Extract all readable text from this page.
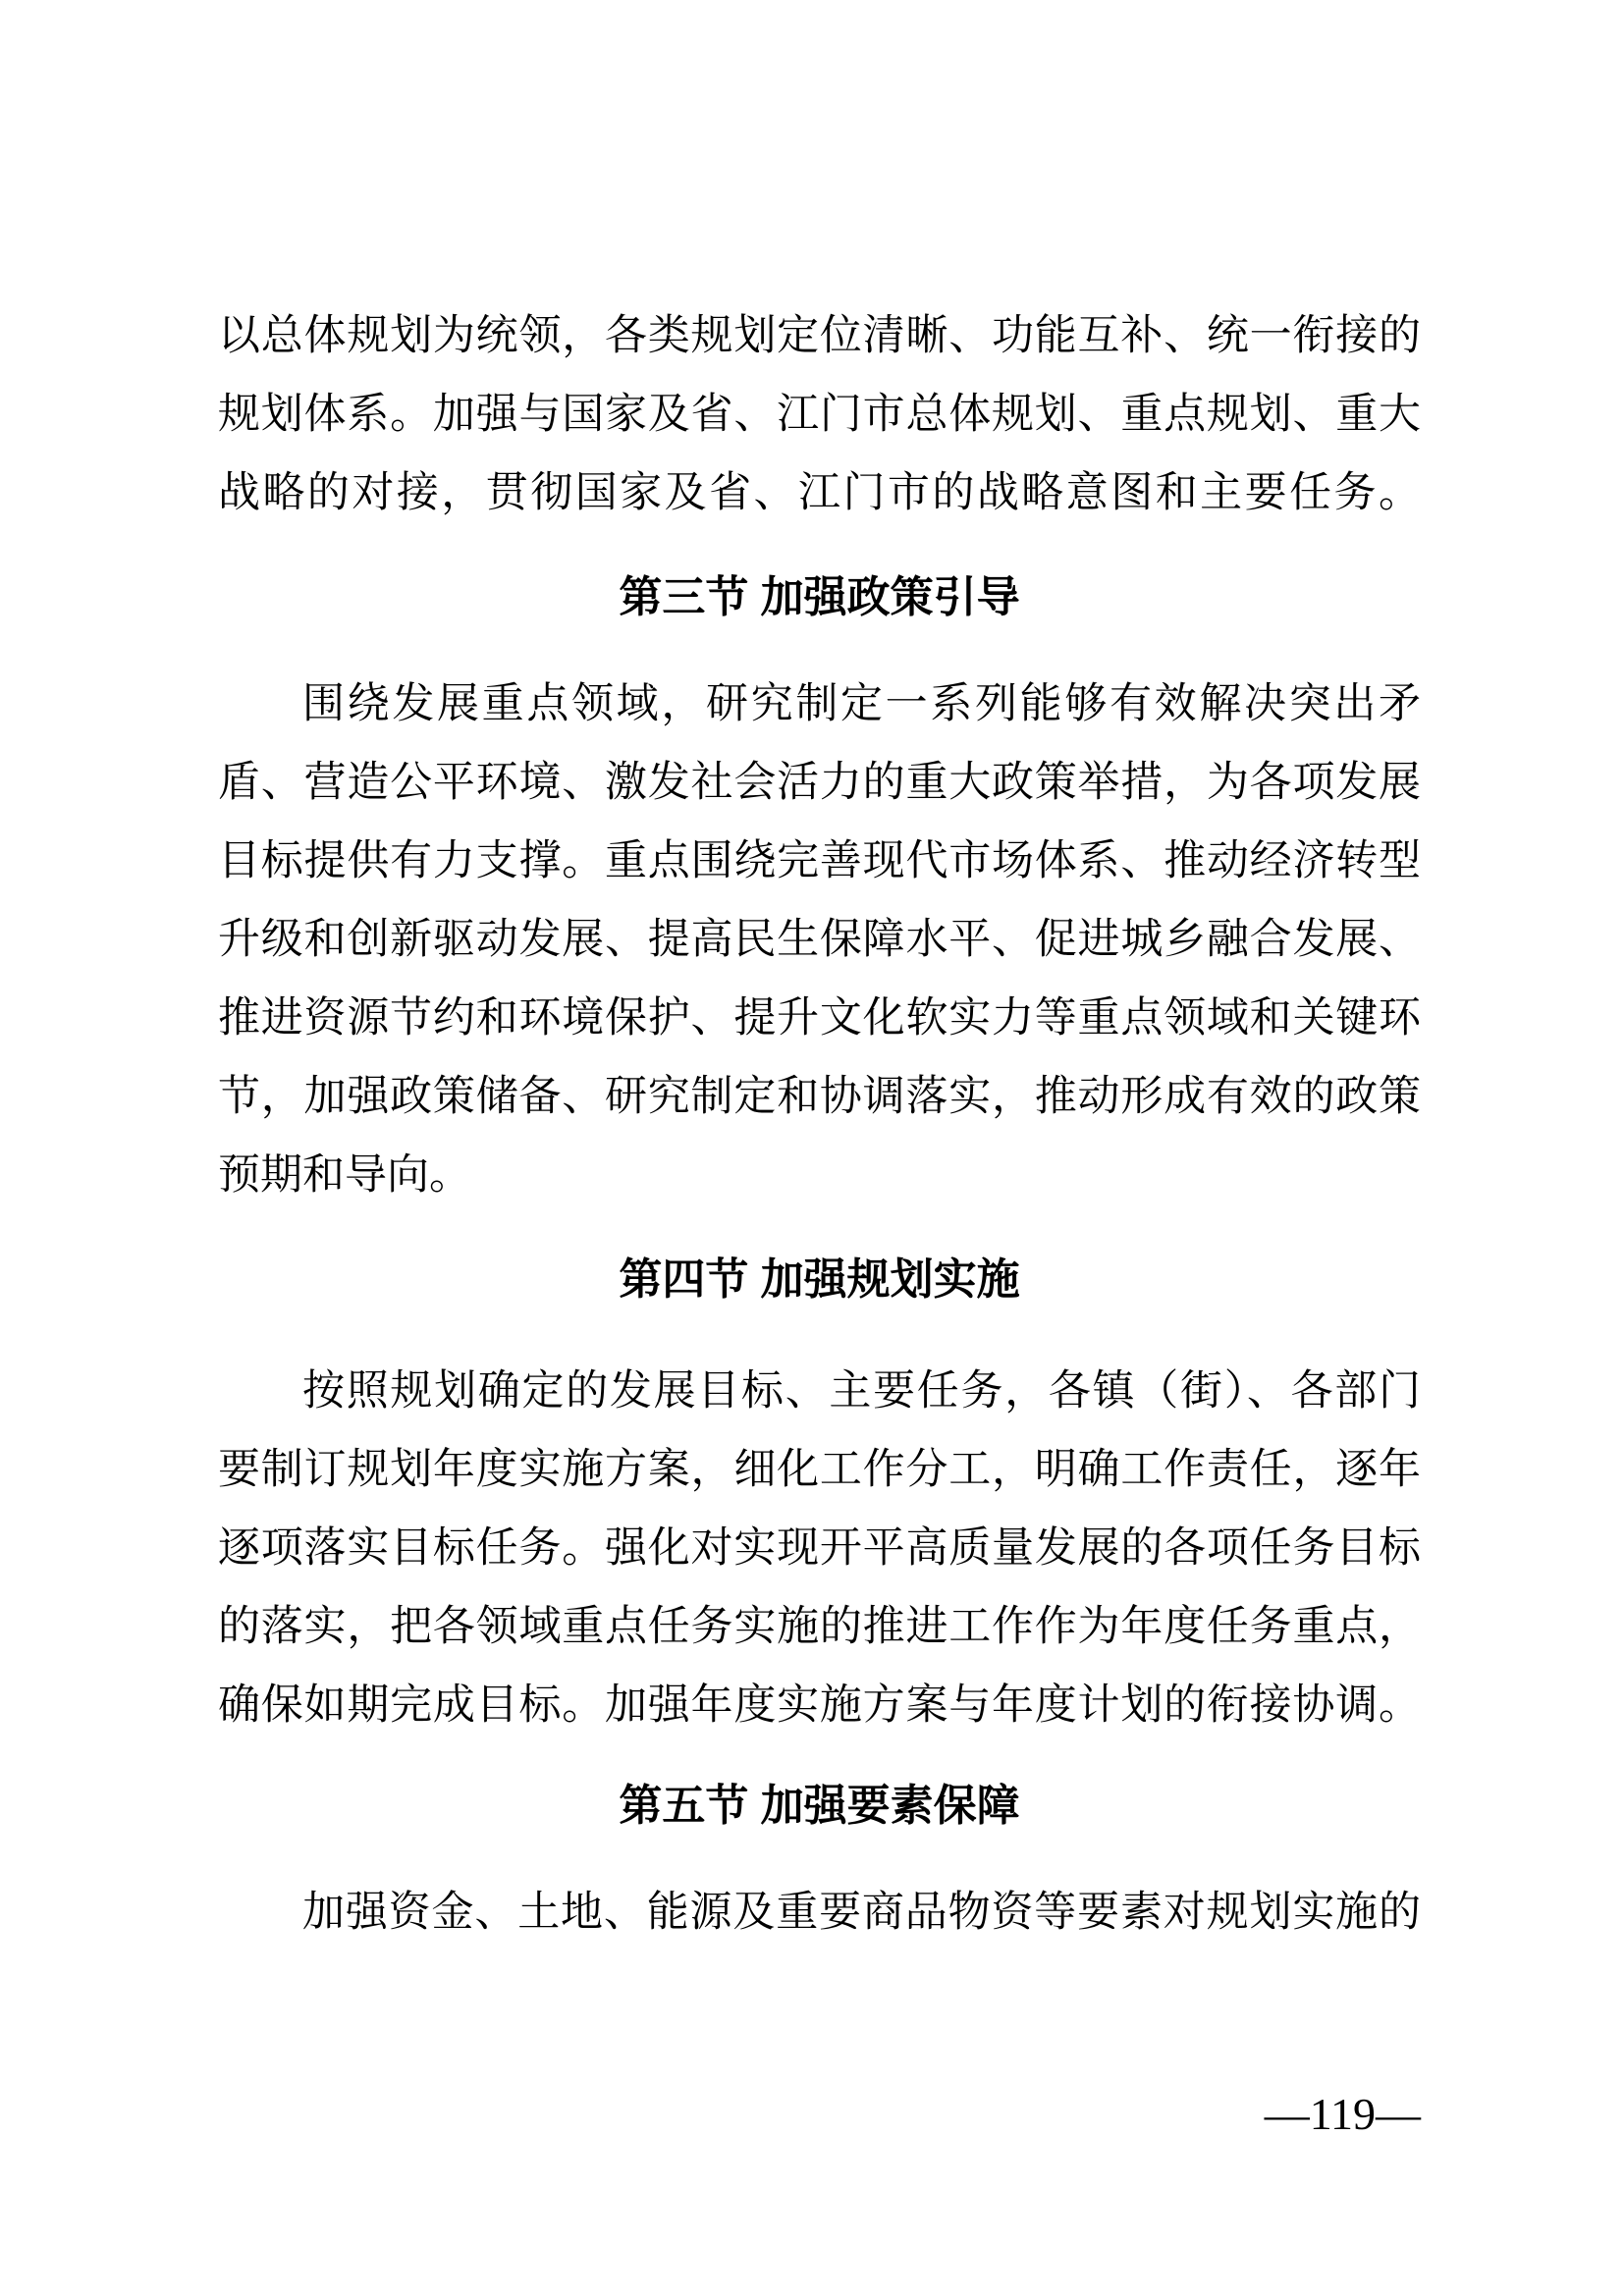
以总体规划为统领，各类规划定位清晰、功能互补、统一衔接的
规划体系。加强与国家及省、江门市总体规划、重点规划、重大
战略的对接，贯彻国家及省、江门市的战略意图和主要任务。
第三节 加强政策引导
围绕发展重点领域，研究制定一系列能够有效解决突出矛
盾、营造公平环境、激发社会活力的重大政策举措，为各项发展
目标提供有力支撑。重点围绕完善现代市场体系、推动经济转型
升级和创新驱动发展、提高民生保障水平、促进城乡融合发展、
推进资源节约和环境保护、提升文化软实力等重点领域和关键环
节，加强政策储备、研究制定和协调落实，推动形成有效的政策
预期和导向。
第四节 加强规划实施
按照规划确定的发展目标、主要任务，各镇（街）、各部门
要制订规划年度实施方案，细化工作分工，明确工作责任，逐年
逐项落实目标任务。强化对实现开平高质量发展的各项任务目标
的落实，把各领域重点任务实施的推进工作作为年度任务重点，
确保如期完成目标。加强年度实施方案与年度计划的衔接协调。
第五节 加强要素保障
加强资金、土地、能源及重要商品物资等要素对规划实施的
—119—
